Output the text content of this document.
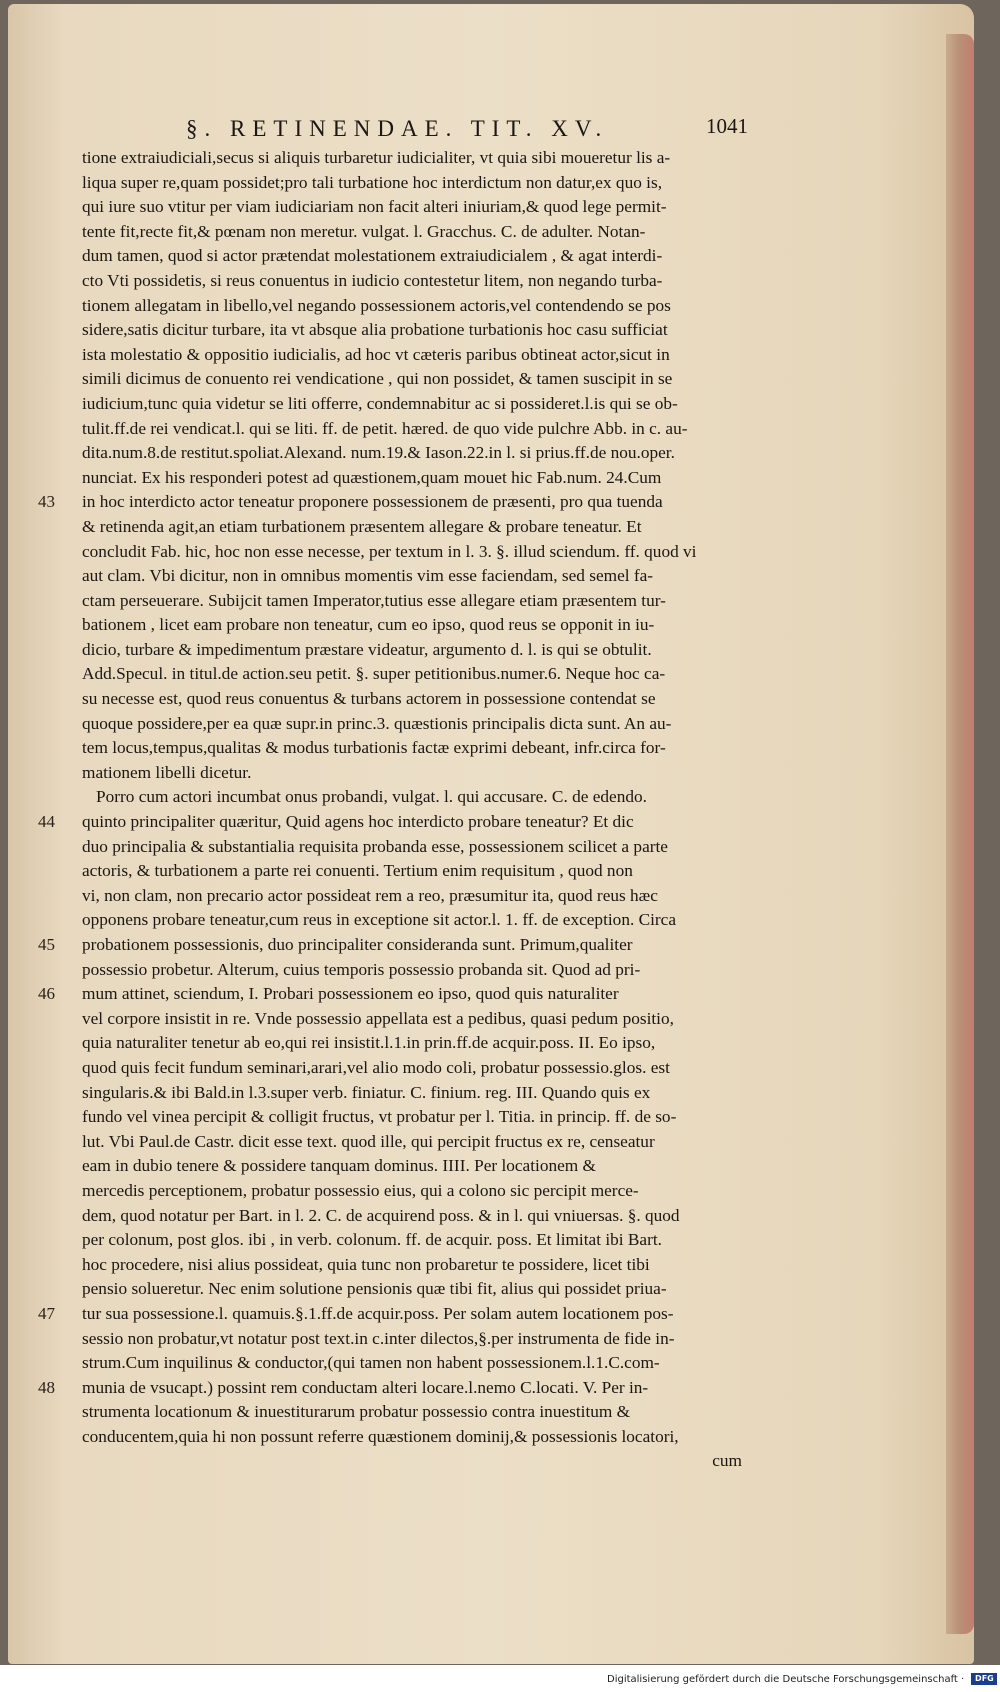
§. RETINENDAE. TIT. XV.	1041
tione extraiudiciali,secus si aliquis turbaretur iudicialiter, vt quia sibi moueretur lis a-
liqua super re,quam possidet;pro tali turbatione hoc interdictum non datur,ex quo is,
qui iure suo vtitur per viam iudiciariam non facit alteri iniuriam,& quod lege permit-
tente fit,recte fit,& pœnam non meretur. vulgat. l. Gracchus. C. de adulter. Notan-
dum tamen, quod si actor prætendat molestationem extraiudicialem , & agat interdi-
cto Vti possidetis, si reus conuentus in iudicio contestetur litem, non negando turba-
tionem allegatam in libello,vel negando possessionem actoris,vel contendendo se pos
sidere,satis dicitur turbare, ita vt absque alia probatione turbationis hoc casu sufficiat
ista molestatio & oppositio iudicialis, ad hoc vt cæteris paribus obtineat actor,sicut in
simili dicimus de conuento rei vendicatione , qui non possidet, & tamen suscipit in se
iudicium,tunc quia videtur se liti offerre, condemnabitur ac si possideret.l.is qui se ob-
tulit.ff.de rei vendicat.l. qui se liti. ff. de petit. hæred. de quo vide pulchre Abb. in c. au-
dita.num.8.de restitut.spoliat.Alexand. num.19.& Iason.22.in l. si prius.ff.de nou.oper.
nunciat. Ex his responderi potest ad quæstionem,quam mouet hic Fab.num. 24.Cum
in hoc interdicto actor teneatur proponere possessionem de præsenti, pro qua tuenda
& retinenda agit,an etiam turbationem præsentem allegare & probare teneatur. Et
concludit Fab. hic, hoc non esse necesse, per textum in l. 3. §. illud sciendum. ff. quod vi
aut clam. Vbi dicitur, non in omnibus momentis vim esse faciendam, sed semel fa-
ctam perseuerare. Subijcit tamen Imperator,tutius esse allegare etiam præsentem tur-
bationem , licet eam probare non teneatur, cum eo ipso, quod reus se opponit in iu-
dicio, turbare & impedimentum præstare videatur, argumento d. l. is qui se obtulit.
Add.Specul. in titul.de action.seu petit. §. super petitionibus.numer.6. Neque hoc ca-
su necesse est, quod reus conuentus & turbans actorem in possessione contendat se
quoque possidere,per ea quæ supr.in princ.3. quæstionis principalis dicta sunt. An au-
tem locus,tempus,qualitas & modus turbationis factæ exprimi debeant, infr.circa for-
mationem libelli dicetur.
Porro cum actori incumbat onus probandi, vulgat. l. qui accusare. C. de edendo.
quinto principaliter quæritur, Quid agens hoc interdicto probare teneatur? Et dic
duo principalia & substantialia requisita probanda esse, possessionem scilicet a parte
actoris, & turbationem a parte rei conuenti. Tertium enim requisitum , quod non
vi, non clam, non precario actor possideat rem a reo, præsumitur ita, quod reus hæc
opponens probare teneatur,cum reus in exceptione sit actor.l. 1. ff. de exception. Circa
probationem possessionis, duo principaliter consideranda sunt. Primum,qualiter
possessio probetur. Alterum, cuius temporis possessio probanda sit. Quod ad pri-
mum attinet, sciendum, I. Probari possessionem eo ipso, quod quis naturaliter
vel corpore insistit in re. Vnde possessio appellata est a pedibus, quasi pedum positio,
quia naturaliter tenetur ab eo,qui rei insistit.l.1.in prin.ff.de acquir.poss. II. Eo ipso,
quod quis fecit fundum seminari,arari,vel alio modo coli, probatur possessio.glos. est
singularis.& ibi Bald.in l.3.super verb. finiatur. C. finium. reg. III. Quando quis ex
fundo vel vinea percipit & colligit fructus, vt probatur per l. Titia. in princip. ff. de so-
lut. Vbi Paul.de Castr. dicit esse text. quod ille, qui percipit fructus ex re, censeatur
eam in dubio tenere & possidere tanquam dominus. IIII. Per locationem &
mercedis perceptionem, probatur possessio eius, qui a colono sic percipit merce-
dem, quod notatur per Bart. in l. 2. C. de acquirend poss. & in l. qui vniuersas. §. quod
per colonum, post glos. ibi , in verb. colonum. ff. de acquir. poss. Et limitat ibi Bart.
hoc procedere, nisi alius possideat, quia tunc non probaretur te possidere, licet tibi
pensio solueretur. Nec enim solutione pensionis quæ tibi fit, alius qui possidet priua-
tur sua possessione.l. quamuis.§.1.ff.de acquir.poss. Per solam autem locationem pos-
sessio non probatur,vt notatur post text.in c.inter dilectos,§.per instrumenta de fide in-
strum.Cum inquilinus & conductor,(qui tamen non habent possessionem.l.1.C.com-
munia de vsucapt.) possint rem conductam alteri locare.l.nemo C.locati. V. Per in-
strumenta locationum & inuestiturarum probatur possessio contra inuestitum &
conducentem,quia hi non possunt referre quæstionem dominij,& possessionis locatori,
cum
43
44
45
46
47
48
Digitalisierung gefördert durch die Deutsche Forschungsgemeinschaft · DFG
